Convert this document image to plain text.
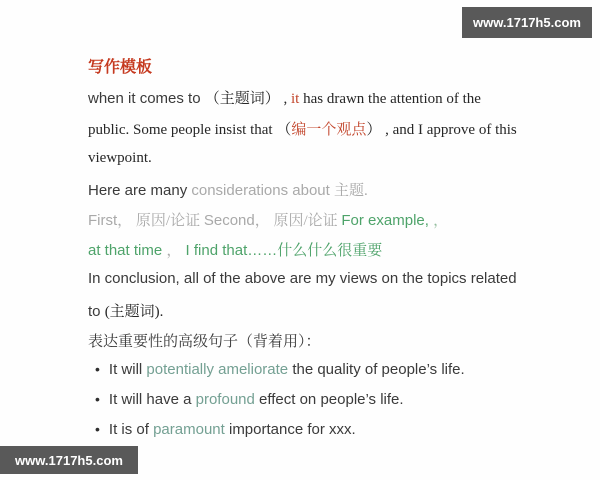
www.1717h5.com
写作模板
when it comes to （主题词） , it has drawn the attention of the
public. Some people insist that （编一个观点） , and I approve of this
viewpoint.
Here are many considerations about 主题.
First， 原因/论证 Second， 原因/论证 For example, ，
at that time ， I find that……什么什么很重要
In conclusion, all of the above are my views on the topics related
to (主题词).
表达重要性的高级句子（背着用）：
• It will potentially ameliorate the quality of people’s life.
• It will have a profound effect on people’s life.
• It is of paramount importance for xxx.
www.1717h5.com
